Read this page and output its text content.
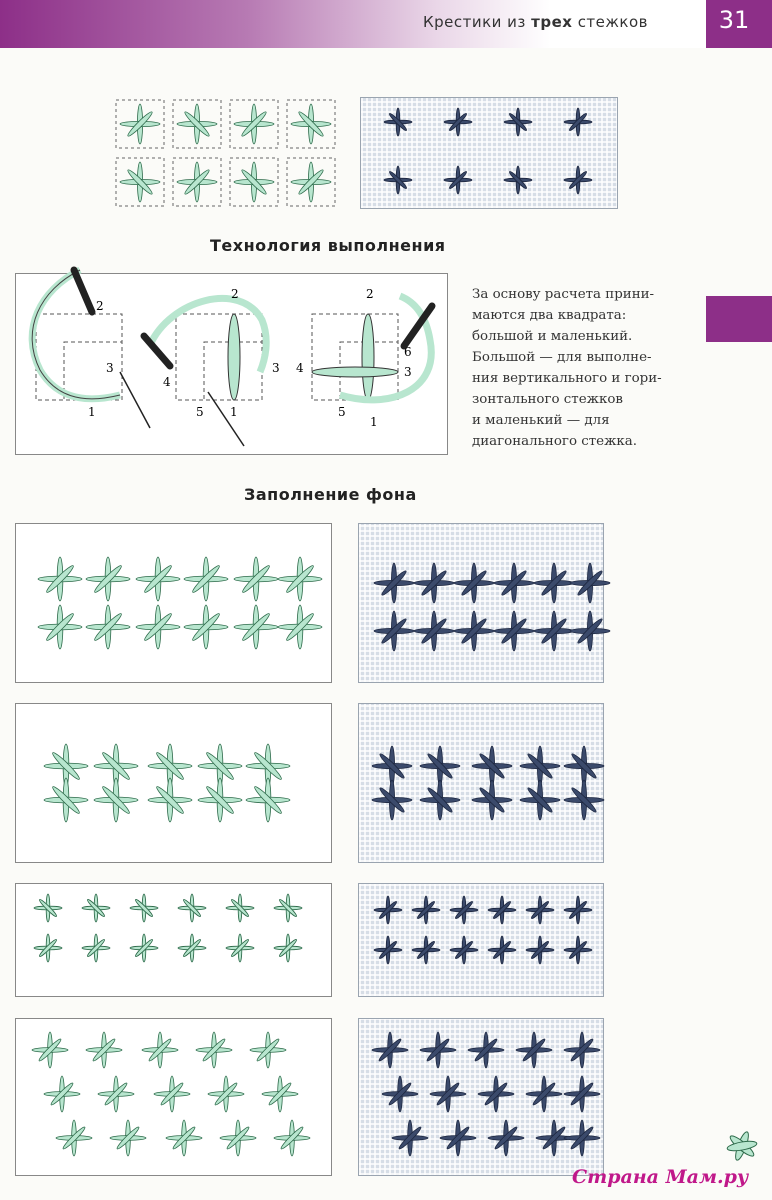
Крестики из трех стежков	31
Технология выполнения

За основу расчета прини-
маются два квадрата:
большой и маленький.
Большой — для выполне-
ния вертикального и гори-
зонтального стежков
и маленький — для
диагонального стежка.

Заполнение фона
2
3
1
2
4
3
5 1
2
6
4	3
5
1
Страна Мам.ру
